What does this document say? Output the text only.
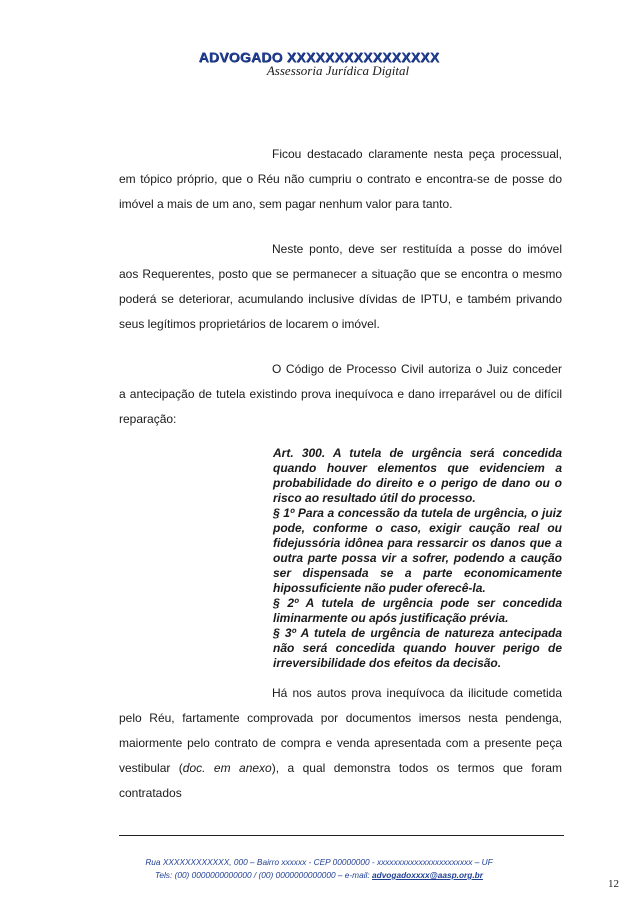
ADVOGADO XXXXXXXXXXXXXXXX
Assessoria Jurídica Digital

Ficou destacado claramente nesta peça processual, em tópico próprio, que o Réu não cumpriu o contrato e encontra-se de posse do imóvel a mais de um ano, sem pagar nenhum valor para tanto.

Neste ponto, deve ser restituída a posse do imóvel aos Requerentes, posto que se permanecer a situação que se encontra o mesmo poderá se deteriorar, acumulando inclusive dívidas de IPTU, e também privando seus legítimos proprietários de locarem o imóvel.

O Código de Processo Civil autoriza o Juiz conceder a antecipação de tutela existindo prova inequívoca e dano irreparável ou de difícil reparação:

Art. 300. A tutela de urgência será concedida quando houver elementos que evidenciem a probabilidade do direito e o perigo de dano ou o risco ao resultado útil do processo.

§ 1º Para a concessão da tutela de urgência, o juiz pode, conforme o caso, exigir caução real ou fidejussória idônea para ressarcir os danos que a outra parte possa vir a sofrer, podendo a caução ser dispensada se a parte economicamente hipossuficiente não puder oferecê-la.

§ 2º A tutela de urgência pode ser concedida liminarmente ou após justificação prévia.

§ 3º A tutela de urgência de natureza antecipada não será concedida quando houver perigo de irreversibilidade dos efeitos da decisão.

Há nos autos prova inequívoca da ilicitude cometida pelo Réu, fartamente comprovada por documentos imersos nesta pendenga, maiormente pelo contrato de compra e venda apresentada com a presente peça vestibular (doc. em anexo), a qual demonstra todos os termos que foram contratados

Rua XXXXXXXXXXXX, 000 – Bairro xxxxxx - CEP 00000000 - xxxxxxxxxxxxxxxxxxxxxxx – UF
Tels: (00) 0000000000000 / (00) 0000000000000 – e-mail: advogadoxxxx@aasp.org.br
12
